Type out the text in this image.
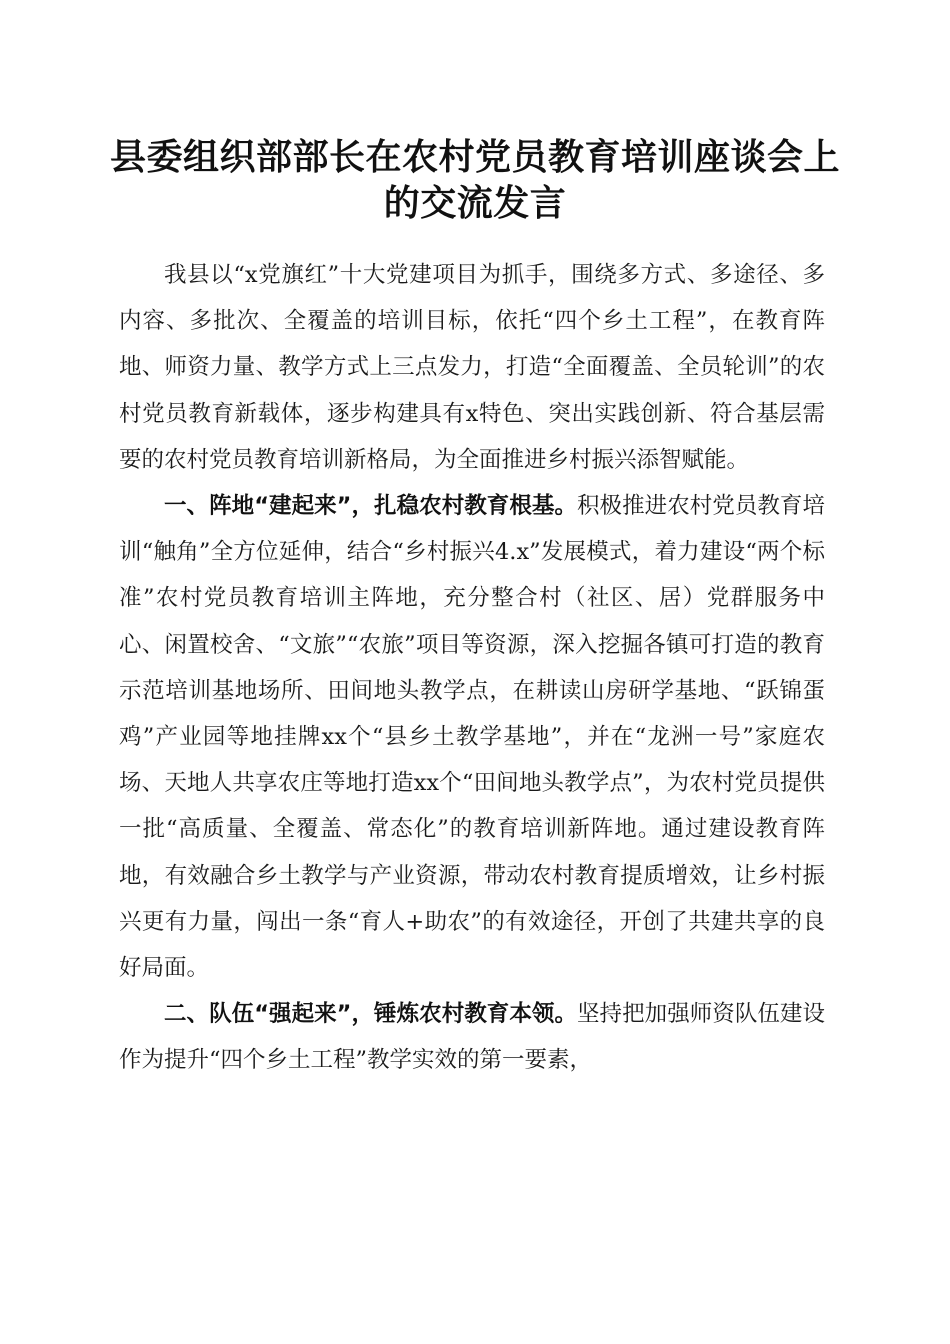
县委组织部部长在农村党员教育培训座谈会上的交流发言

我县以“x党旗红”十大党建项目为抓手，围绕多方式、多途径、多内容、多批次、全覆盖的培训目标，依托“四个乡土工程”，在教育阵地、师资力量、教学方式上三点发力，打造“全面覆盖、全员轮训”的农村党员教育新载体，逐步构建具有x特色、突出实践创新、符合基层需要的农村党员教育培训新格局，为全面推进乡村振兴添智赋能。

一、阵地“建起来”，扎稳农村教育根基。积极推进农村党员教育培训“触角”全方位延伸，结合“乡村振兴4.x”发展模式，着力建设“两个标准”农村党员教育培训主阵地，充分整合村（社区、居）党群服务中心、闲置校舍、“文旅”“农旅”项目等资源，深入挖掘各镇可打造的教育示范培训基地场所、田间地头教学点，在耕读山房研学基地、“跃锦蛋鸡”产业园等地挂牌xx个“县乡土教学基地”，并在“龙洲一号”家庭农场、天地人共享农庄等地打造xx个“田间地头教学点”，为农村党员提供一批“高质量、全覆盖、常态化”的教育培训新阵地。通过建设教育阵地，有效融合乡土教学与产业资源，带动农村教育提质增效，让乡村振兴更有力量，闯出一条“育人+助农”的有效途径，开创了共建共享的良好局面。

二、队伍“强起来”，锤炼农村教育本领。坚持把加强师资队伍建设作为提升“四个乡土工程”教学实效的第一要素，
